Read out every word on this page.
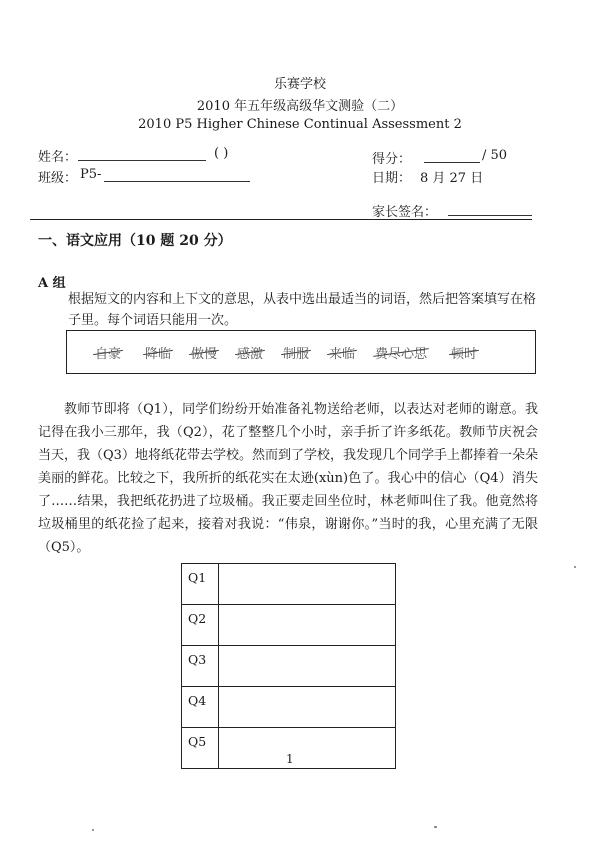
乐赛学校
2010 年五年级高级华文测验（二）
2010 P5 Higher Chinese Continual Assessment 2
姓名：	( )	得分：	/ 50
班级： P5-	日期： 8 月 27 日
家长签名：
一、语文应用（10 题 20 分）
A 组
根据短文的内容和上下文的意思，从表中选出最适当的词语，然后把答案填写在格子里。每个词语只能用一次。
自豪 降临 傲慢 感激 制服 来临 费尽心思 顿时
教师节即将（Q1），同学们纷纷开始准备礼物送给老师，以表达对老师的谢意。我记得在我小三那年，我（Q2），花了整整几个小时，亲手折了许多纸花。教师节庆祝会当天，我（Q3）地将纸花带去学校。然而到了学校，我发现几个同学手上都捧着一朵朵美丽的鲜花。比较之下，我所折的纸花实在太逊(xùn)色了。我心中的信心（Q4）消失了……结果，我把纸花扔进了垃圾桶。我正要走回坐位时，林老师叫住了我。他竟然将垃圾桶里的纸花捡了起来，接着对我说：“伟泉，谢谢你。”当时的我，心里充满了无限（Q5）。
Q1	
Q2	
Q3	
Q4	
Q5	
1
